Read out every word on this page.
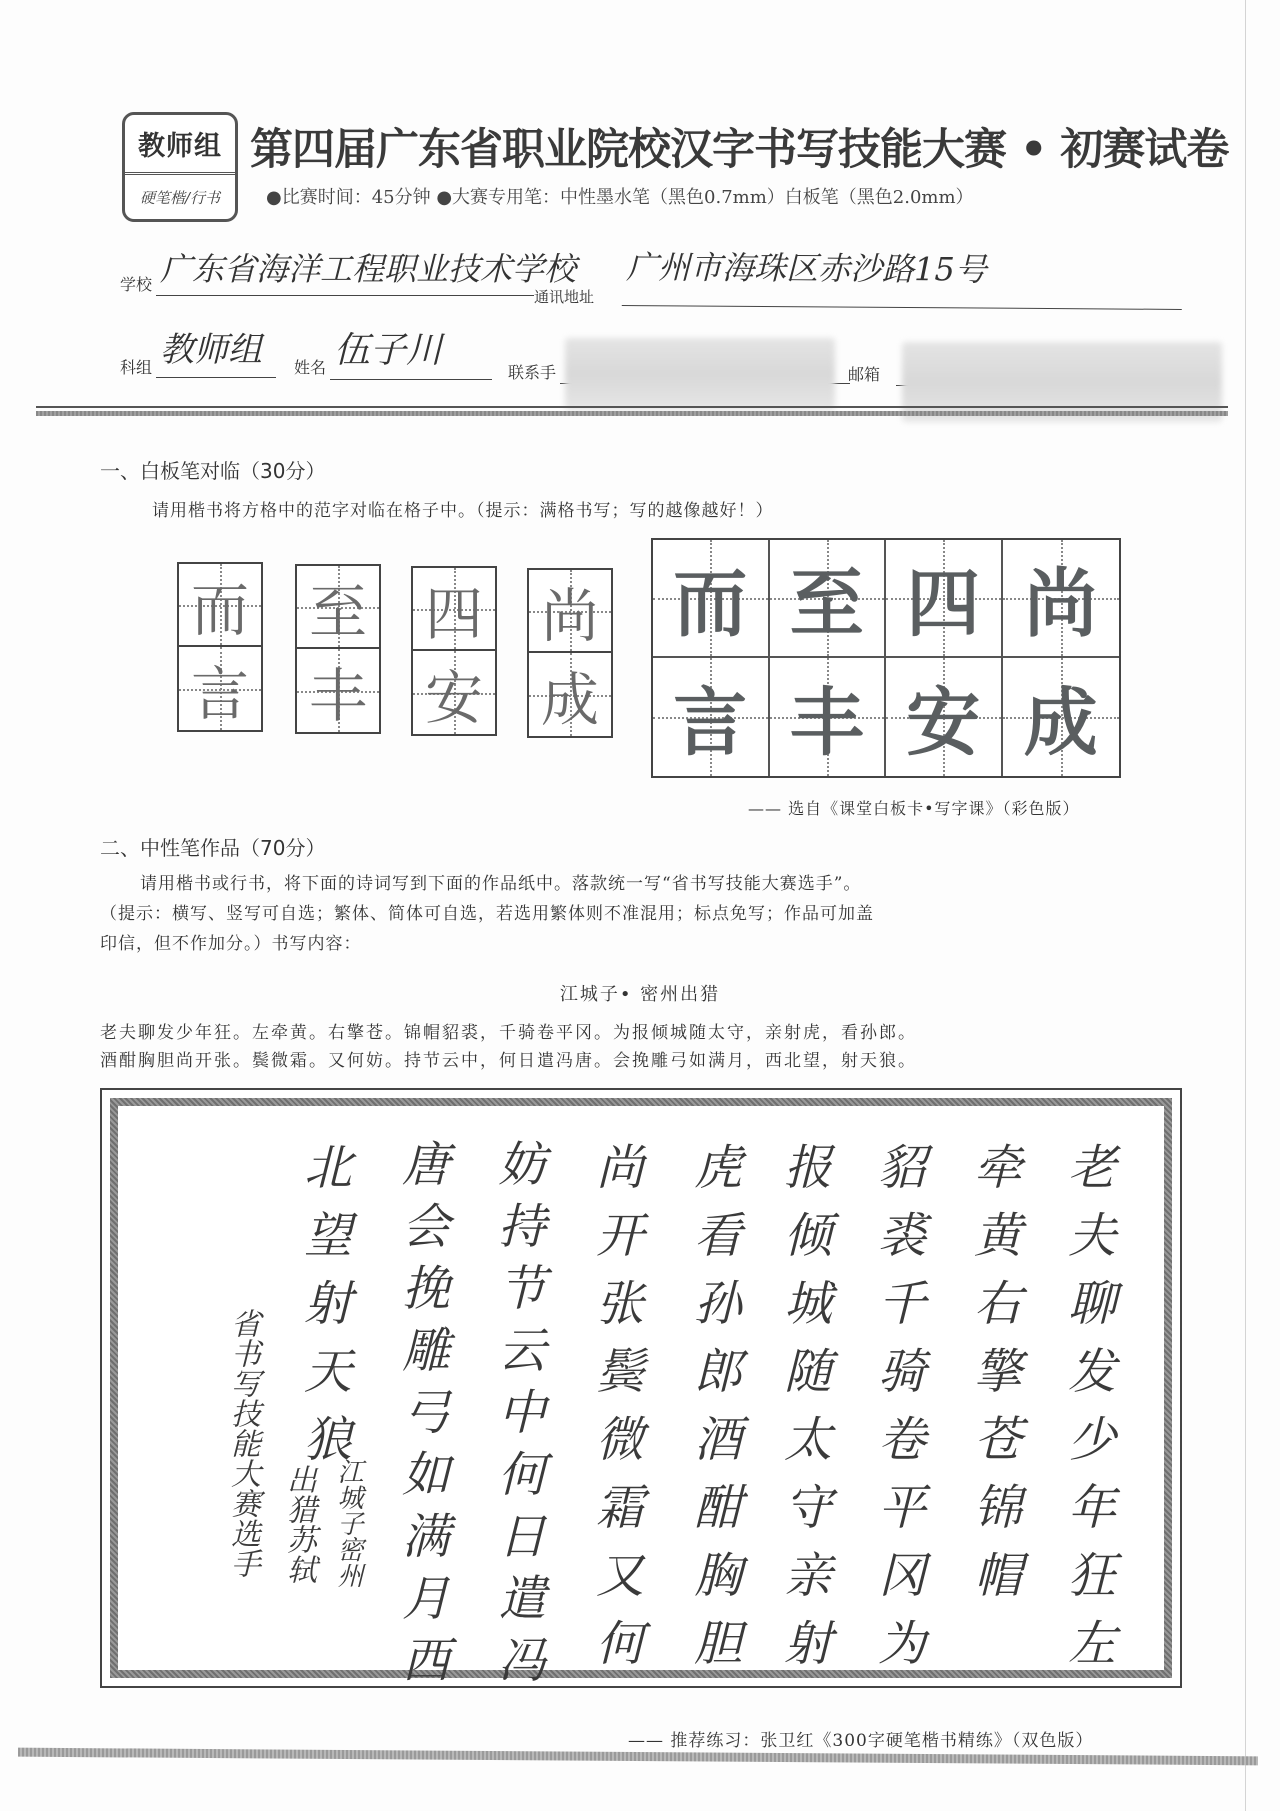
教师组
硬笔楷/行书
第四届广东省职业院校汉字书写技能大赛 • 初赛试卷
●比赛时间：45分钟 ●大赛专用笔：中性墨水笔（黑色0.7mm）白板笔（黑色2.0mm）
学校 广东省海洋工程职业技术学校
通讯地址
广州市海珠区赤沙路15号
科组 教师组	姓名 伍子川
联系手	邮箱
一、白板笔对临（30分）
请用楷书将方格中的范字对临在格子中。（提示：满格书写；写的越像越好！）
而
言
至
丰
四
安
尚
成
而 至 四 尚
言 丰 安 成
—— 选自《课堂白板卡•写字课》（彩色版）
二、中性笔作品（70分）
请用楷书或行书，将下面的诗词写到下面的作品纸中。落款统一写“省书写技能大赛选手”。
（提示：横写、竖写可自选；繁体、简体可自选，若选用繁体则不准混用；标点免写；作品可加盖
印信，但不作加分。）书写内容：
江城子• 密州出猎
老夫聊发少年狂。左牵黄。右擎苍。锦帽貂裘，千骑卷平冈。为报倾城随太守，亲射虎，看孙郎。
酒酣胸胆尚开张。鬓微霜。又何妨。持节云中，何日遣冯唐。会挽雕弓如满月，西北望，射天狼。
老
夫
聊
发
少
年
狂
左
牵
黄
右
擎
苍
锦
帽
貂
裘
千
骑
卷
平
冈
为
报
倾
城
随
太
守
亲
射
虎
看
孙
郎
酒
酣
胸
胆
尚
开
张
鬓
微
霜
又
何
妨
持
节
云
中
何
日
遣
冯
唐
会
挽
雕
弓
如
满
月
西
北
望
射
天
狼
江城子密州
出猎苏轼
省书写技能大赛选手
—— 推荐练习：张卫红《300字硬笔楷书精练》（双色版）
